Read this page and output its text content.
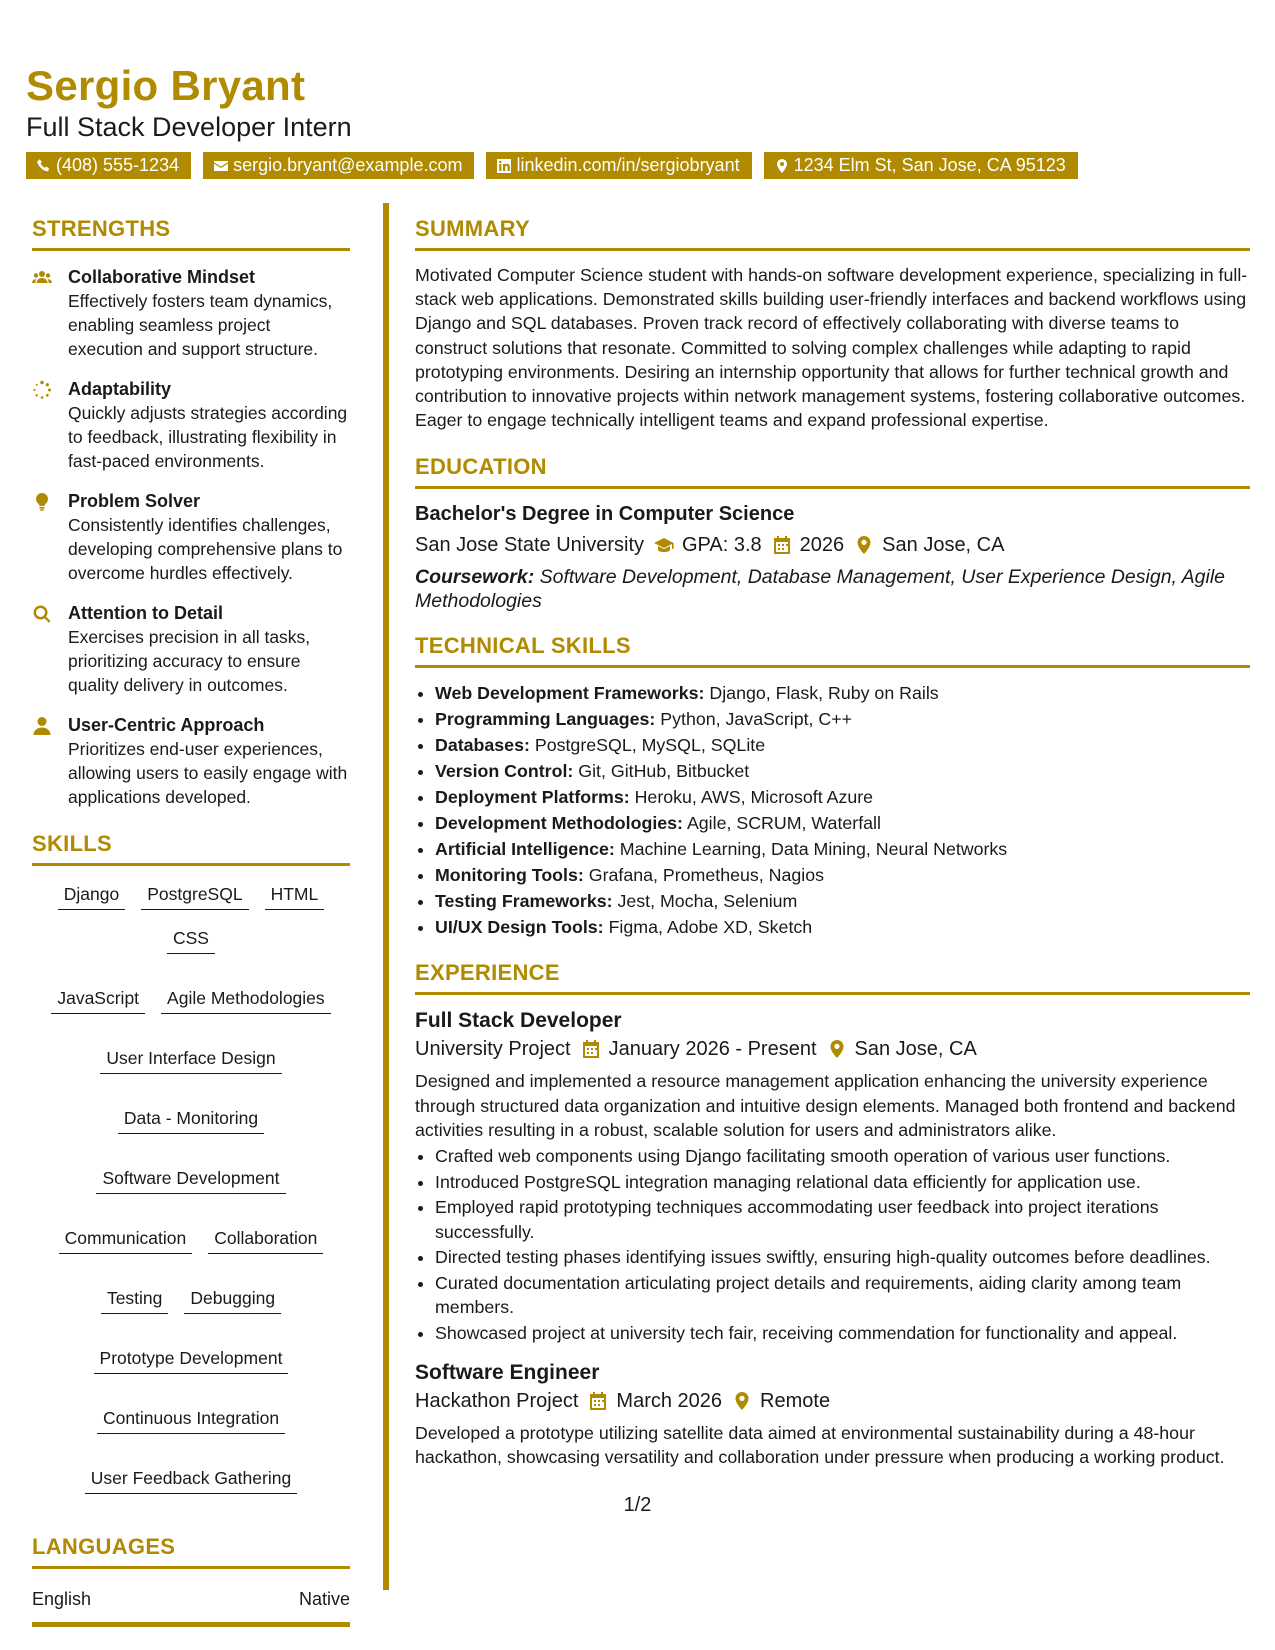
Sergio Bryant
Full Stack Developer Intern
(408) 555-1234	sergio.bryant@example.com	linkedin.com/in/sergiobryant	1234 Elm St, San Jose, CA 95123
STRENGTHS
Collaborative Mindset
Effectively fosters team dynamics, enabling seamless project execution and support structure.
Adaptability
Quickly adjusts strategies according to feedback, illustrating flexibility in fast-paced environments.
Problem Solver
Consistently identifies challenges, developing comprehensive plans to overcome hurdles effectively.
Attention to Detail
Exercises precision in all tasks, prioritizing accuracy to ensure quality delivery in outcomes.
User-Centric Approach
Prioritizes end-user experiences, allowing users to easily engage with applications developed.
SKILLS
Django	PostgreSQL	HTML
CSS
JavaScript	Agile Methodologies
User Interface Design
Data - Monitoring
Software Development
Communication	Collaboration
Testing	Debugging
Prototype Development
Continuous Integration
User Feedback Gathering
LANGUAGES
English	Native
SUMMARY

Motivated Computer Science student with hands-on software development experience, specializing in full-stack web applications. Demonstrated skills building user-friendly interfaces and backend workflows using Django and SQL databases. Proven track record of effectively collaborating with diverse teams to construct solutions that resonate. Committed to solving complex challenges while adapting to rapid prototyping environments. Desiring an internship opportunity that allows for further technical growth and contribution to innovative projects within network management systems, fostering collaborative outcomes. Eager to engage technically intelligent teams and expand professional expertise.

EDUCATION
Bachelor's Degree in Computer Science
San Jose State University GPA: 3.8 2026 San Jose, CA
Coursework: Software Development, Database Management, User Experience Design, Agile Methodologies
TECHNICAL SKILLS
• Web Development Frameworks: Django, Flask, Ruby on Rails
• Programming Languages: Python, JavaScript, C++
• Databases: PostgreSQL, MySQL, SQLite
• Version Control: Git, GitHub, Bitbucket
• Deployment Platforms: Heroku, AWS, Microsoft Azure
• Development Methodologies: Agile, SCRUM, Waterfall
• Artificial Intelligence: Machine Learning, Data Mining, Neural Networks
• Monitoring Tools: Grafana, Prometheus, Nagios
• Testing Frameworks: Jest, Mocha, Selenium
• UI/UX Design Tools: Figma, Adobe XD, Sketch
EXPERIENCE
Full Stack Developer
University Project January 2026 - Present San Jose, CA

Designed and implemented a resource management application enhancing the university experience through structured data organization and intuitive design elements. Managed both frontend and backend activities resulting in a robust, scalable solution for users and administrators alike.

• Crafted web components using Django facilitating smooth operation of various user functions.
• Introduced PostgreSQL integration managing relational data efficiently for application use.
• Employed rapid prototyping techniques accommodating user feedback into project iterations successfully.
• Directed testing phases identifying issues swiftly, ensuring high-quality outcomes before deadlines.
• Curated documentation articulating project details and requirements, aiding clarity among team members.
• Showcased project at university tech fair, receiving commendation for functionality and appeal.
Software Engineer
Hackathon Project March 2026 Remote

Developed a prototype utilizing satellite data aimed at environmental sustainability during a 48-hour hackathon, showcasing versatility and collaboration under pressure when producing a working product.

1/2
